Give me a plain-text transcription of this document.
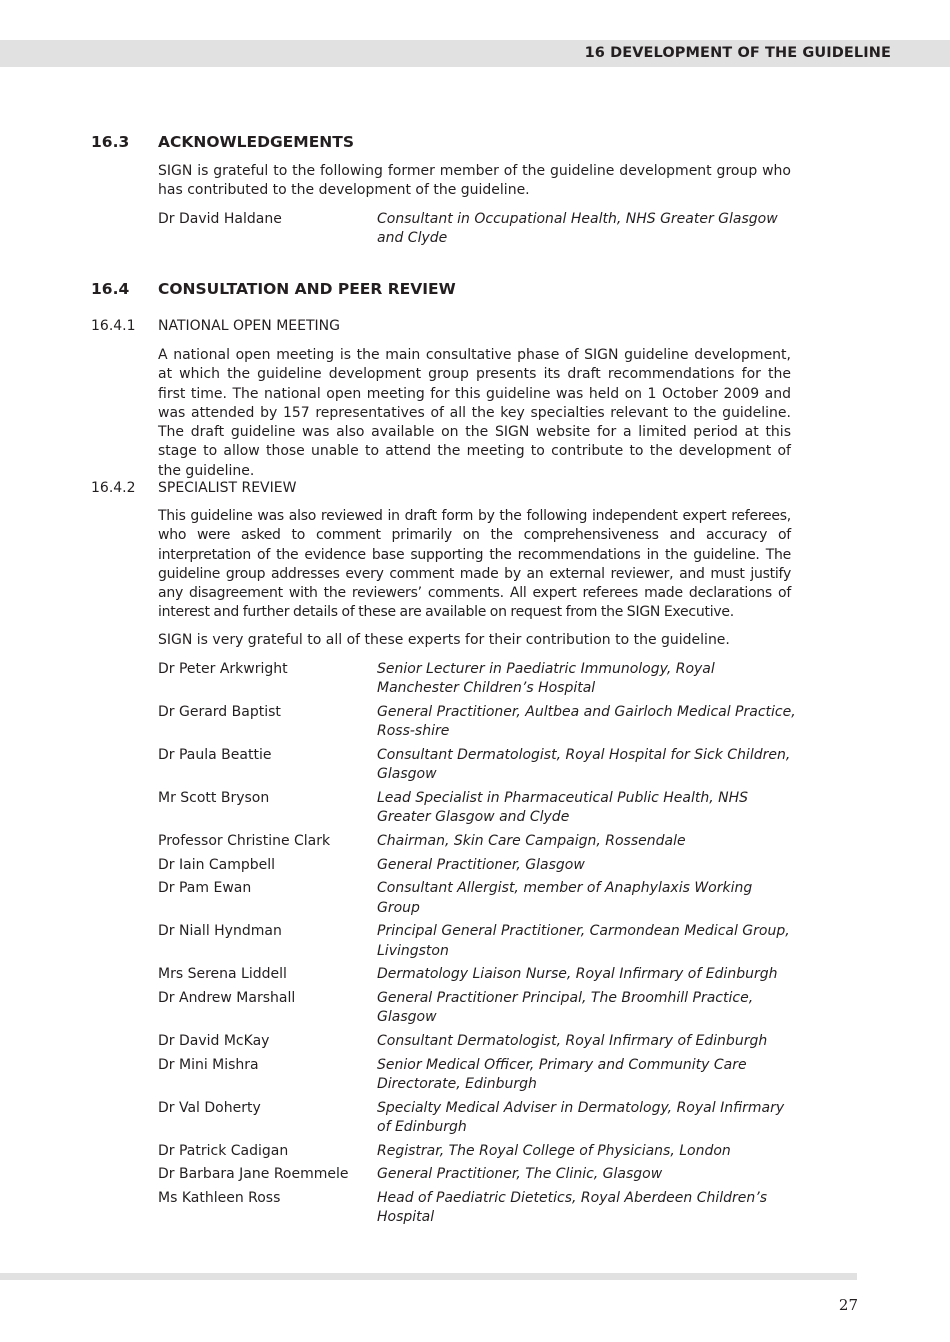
16 DEVELOPMENT OF THE GUIDELINE
16.3 ACKNOWLEDGEMENTS
SIGN is grateful to the following former member of the guideline development group who has contributed to the development of the guideline.
Dr David Haldane	Consultant in Occupational Health, NHS Greater Glasgow and Clyde
16.4 CONSULTATION AND PEER REVIEW
16.4.1 NATIONAL OPEN MEETING
A national open meeting is the main consultative phase of SIGN guideline development, at which the guideline development group presents its draft recommendations for the first time. The national open meeting for this guideline was held on 1 October 2009 and was attended by 157 representatives of all the key specialties relevant to the guideline. The draft guideline was also available on the SIGN website for a limited period at this stage to allow those unable to attend the meeting to contribute to the development of the guideline.
16.4.2 SPECIALIST REVIEW
This guideline was also reviewed in draft form by the following independent expert referees, who were asked to comment primarily on the comprehensiveness and accuracy of interpretation of the evidence base supporting the recommendations in the guideline. The guideline group addresses every comment made by an external reviewer, and must justify any disagreement with the reviewers’ comments. All expert referees made declarations of interest and further details of these are available on request from the SIGN Executive.
SIGN is very grateful to all of these experts for their contribution to the guideline.
Dr Peter Arkwright	Senior Lecturer in Paediatric Immunology, Royal Manchester Children’s Hospital
Dr Gerard Baptist	General Practitioner, Aultbea and Gairloch Medical Practice, Ross-shire
Dr Paula Beattie	Consultant Dermatologist, Royal Hospital for Sick Children, Glasgow
Mr Scott Bryson	Lead Specialist in Pharmaceutical Public Health, NHS Greater Glasgow and Clyde
Professor Christine Clark	Chairman, Skin Care Campaign, Rossendale
Dr Iain Campbell	General Practitioner, Glasgow
Dr Pam Ewan	Consultant Allergist, member of Anaphylaxis Working Group
Dr Niall Hyndman	Principal General Practitioner, Carmondean Medical Group, Livingston
Mrs Serena Liddell	Dermatology Liaison Nurse, Royal Infirmary of Edinburgh
Dr Andrew Marshall	General Practitioner Principal, The Broomhill Practice, Glasgow
Dr David McKay	Consultant Dermatologist, Royal Infirmary of Edinburgh
Dr Mini Mishra	Senior Medical Officer, Primary and Community Care Directorate, Edinburgh
Dr Val Doherty	Specialty Medical Adviser in Dermatology, Royal Infirmary of Edinburgh
Dr Patrick Cadigan	Registrar, The Royal College of Physicians, London
Dr Barbara Jane Roemmele	General Practitioner, The Clinic, Glasgow
Ms Kathleen Ross	Head of Paediatric Dietetics, Royal Aberdeen Children’s Hospital
27
